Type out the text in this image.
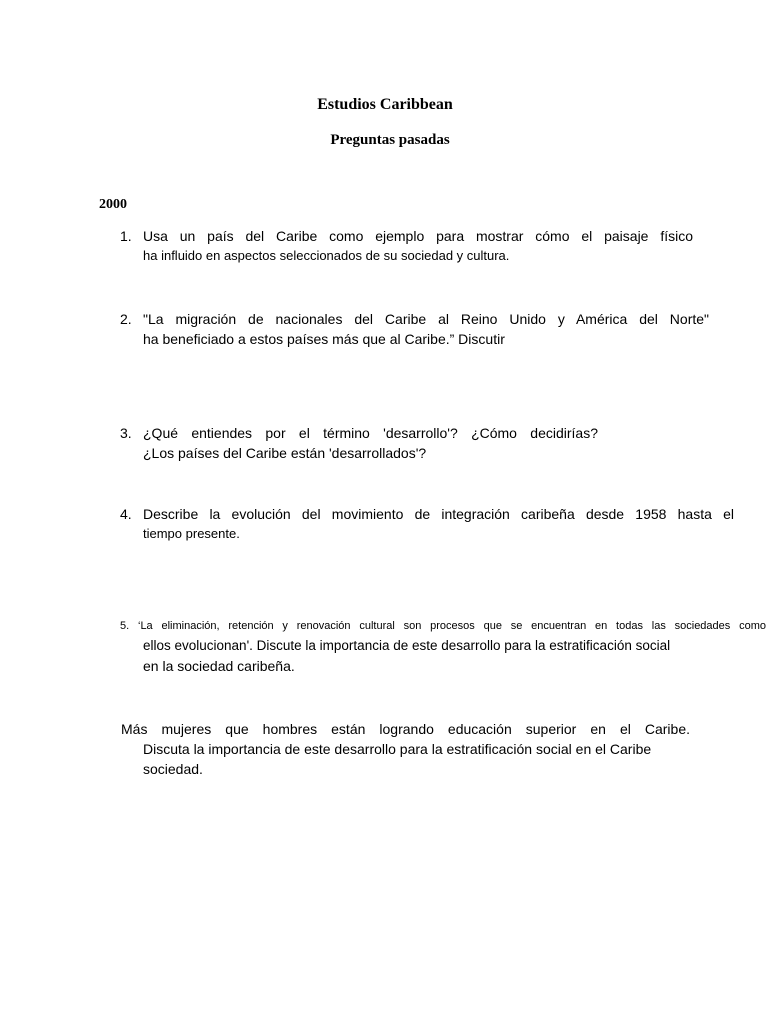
Estudios Caribbean
Preguntas pasadas
2000
1. Usa un país del Caribe como ejemplo para mostrar cómo el paisaje físico
ha influido en aspectos seleccionados de su sociedad y cultura.
2. "La migración de nacionales del Caribe al Reino Unido y América del Norte"
ha beneficiado a estos países más que al Caribe.” Discutir
3. ¿Qué entiendes por el término 'desarrollo'? ¿Cómo decidirías?
¿Los países del Caribe están 'desarrollados'?
4. Describe la evolución del movimiento de integración caribeña desde 1958 hasta el
tiempo presente.
5. ‘La eliminación, retención y renovación cultural son procesos que se encuentran en todas las sociedades como
ellos evolucionan'. Discute la importancia de este desarrollo para la estratificación social
en la sociedad caribeña.
Más mujeres que hombres están logrando educación superior en el Caribe.
Discuta la importancia de este desarrollo para la estratificación social en el Caribe
sociedad.
